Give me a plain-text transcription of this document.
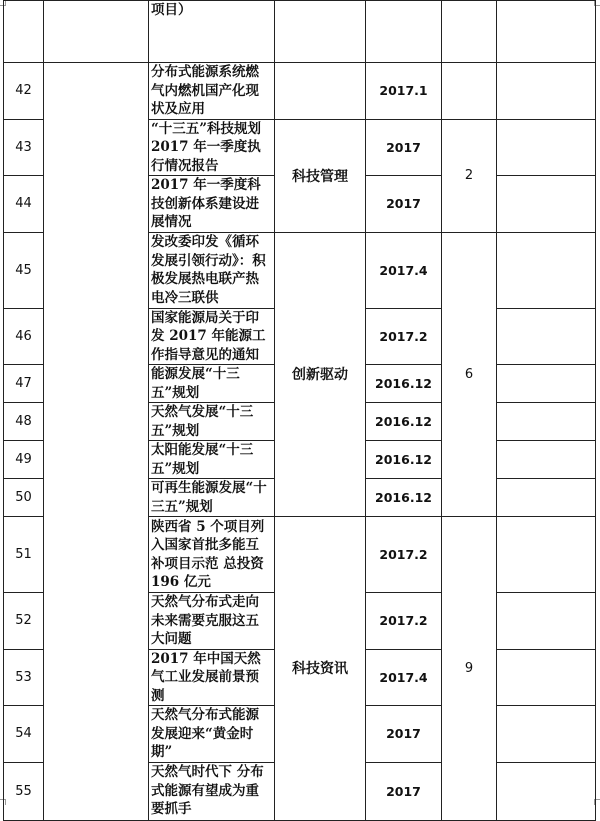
		项目）				
42		分布式能源系统燃气内燃机国产化现状及应用		2017.1		
43		“十三五”科技规划 2017 年一季度执行情况报告	科技管理	2017	2	
44		2017 年一季度科技创新体系建设进展情况		2017		
45		发改委印发《循环发展引领行动》：积极发展热电联产热电冷三联供	创新驱动	2017.4	6	
46		国家能源局关于印发 2017 年能源工作指导意见的通知		2017.2		
47		能源发展“十三五”规划		2016.12		
48		天然气发展“十三五”规划		2016.12		
49		太阳能发展“十三五”规划		2016.12		
50		可再生能源发展“十三五”规划		2016.12		
51		陕西省 5 个项目列入国家首批多能互补项目示范 总投资 196 亿元	科技资讯	2017.2	9	
52		天然气分布式走向未来需要克服这五大问题		2017.2		
53		2017 年中国天然气工业发展前景预测		2017.4		
54		天然气分布式能源发展迎来“黄金时期”		2017		
55		天然气时代下 分布式能源有望成为重要抓手		2017		
